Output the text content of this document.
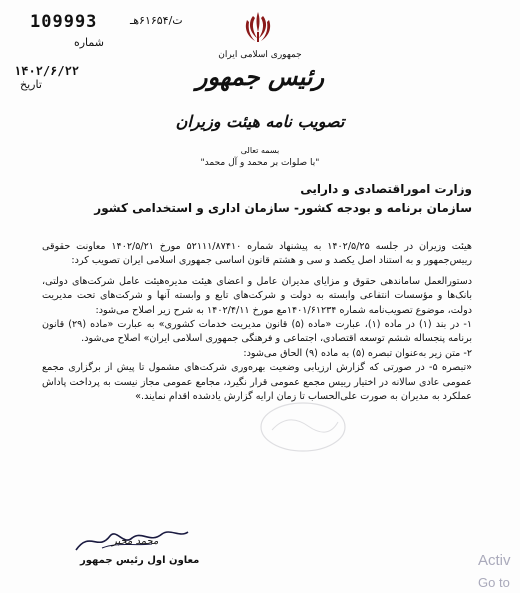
109993	ت/۶۱۶۵۴هـ
شماره
۱۴۰۲/۶/۲۲ تاریخ
جمهوری اسلامی ایران
رئیس جمهور
تصویب نامه هیئت وزیران
بسمه تعالی
"با صلوات بر محمد و آل محمد"
وزارت اموراقتصادی و دارایی
سازمان برنامه و بودجه کشور- سازمان اداری و استخدامی کشور

هیئت وزیران در جلسه ۱۴۰۲/۵/۲۵ به پیشنهاد شماره ۵۲۱۱۱/۸۷۴۱۰ مورخ ۱۴۰۲/۵/۲۱ معاونت حقوقی رییس‌جمهور و به استناد اصل یکصد و سی و هشتم قانون اساسی جمهوری اسلامی ایران تصویب کرد:

دستورالعمل ساماندهی حقوق و مزایای مدیران عامل و اعضای هیئت مدیره‌هیئت عامل شرکت‌های دولتی، بانک‌ها و مؤسسات انتفاعی وابسته به دولت و شرکت‌های تابع و وابسته آنها و شرکت‌های تحت مدیریت دولت، موضوع تصویب‌نامه شماره ۱۴۰۱/۶۱۲۳۴مع مورخ ۱۴۰۲/۴/۱۱ به شرح زیر اصلاح می‌شود:

۱- در بند (۱) در ماده (۱)، عبارت «ماده (۵) قانون مدیریت خدمات کشوری» به عبارت «ماده (۲۹) قانون برنامه پنجساله ششم توسعه اقتصادی، اجتماعی و فرهنگی جمهوری اسلامی ایران» اصلاح می‌شود.

۲- متن زیر به‌عنوان تبصره (۵) به ماده (۹) الحاق می‌شود:

«تبصره ۵- در صورتی که گزارش ارزیابی وضعیت بهره‌وری شرکت‌های مشمول تا پیش از برگزاری مجمع عمومی عادی سالانه در اختیار رییس مجمع عمومی قرار نگیرد، مجامع عمومی مجاز نیست به پرداخت پاداش عملکرد به مدیران به صورت علی‌الحساب تا زمان ارایه گزارش یادشده اقدام نمایند.»

محمد مخبر
معاون اول رئیس جمهور	Activ
Go to
